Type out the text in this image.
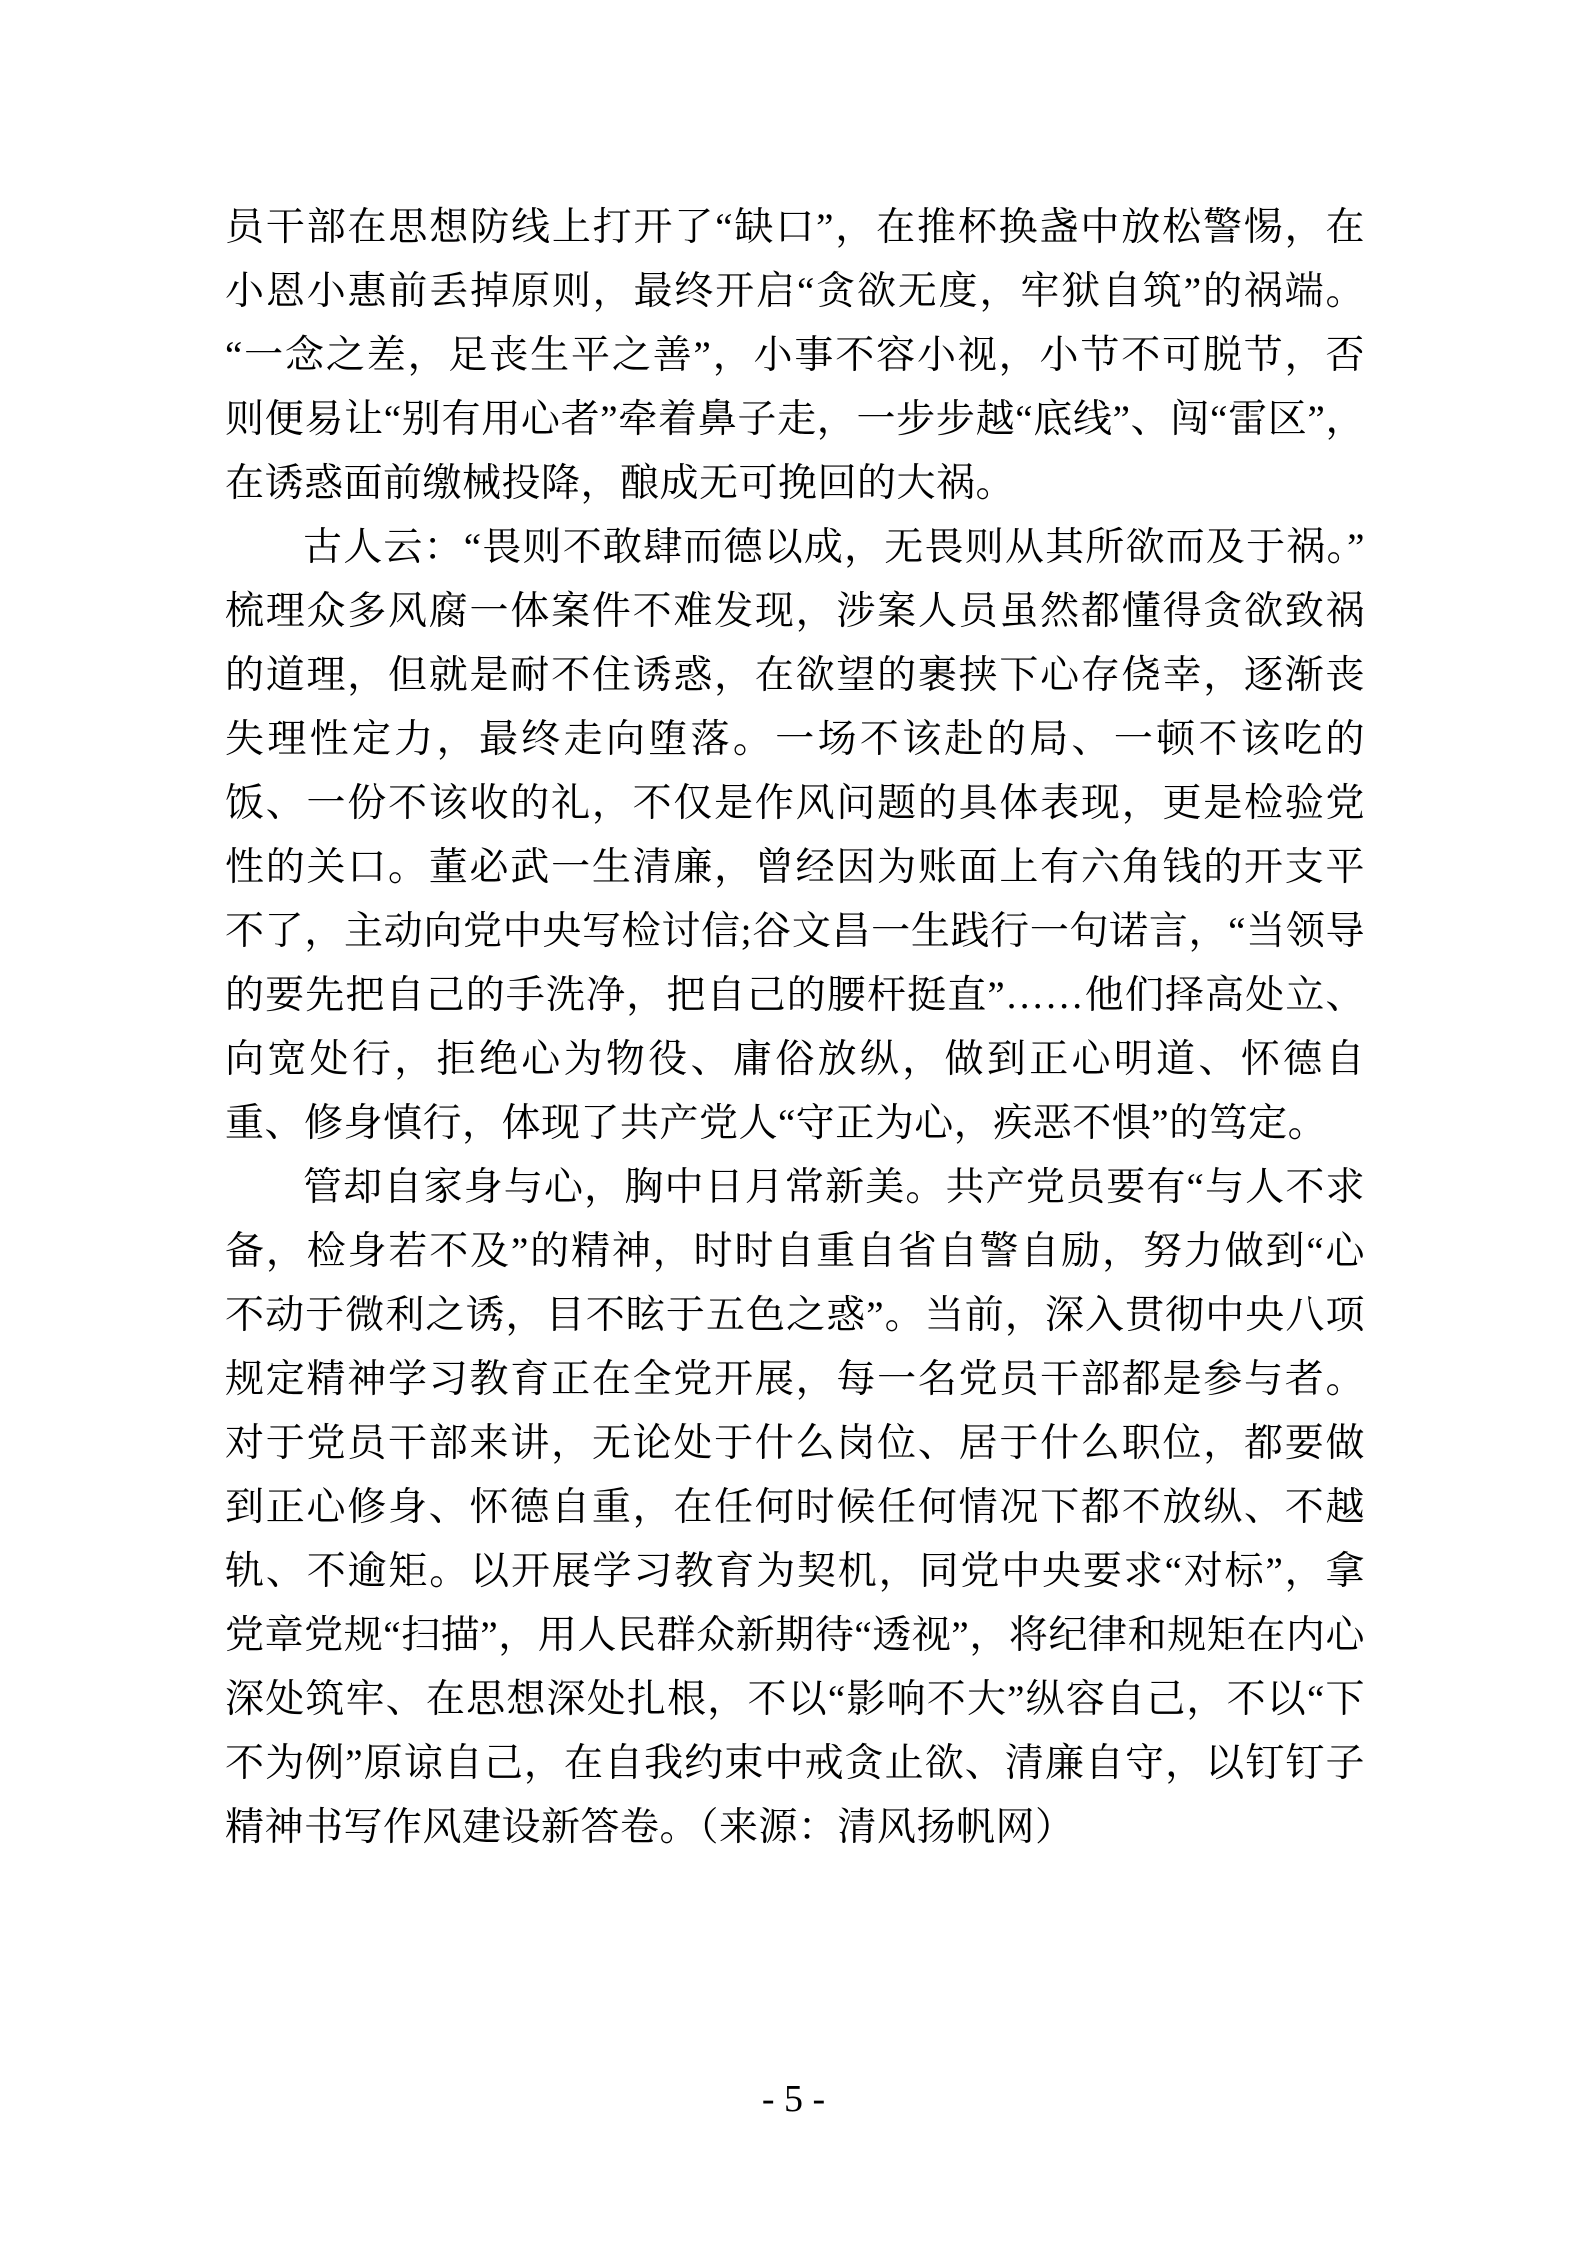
员干部在思想防线上打开了“缺口”，在推杯换盏中放松警惕，在小恩小惠前丢掉原则，最终开启“贪欲无度，牢狱自筑”的祸端。“一念之差，足丧生平之善”，小事不容小视，小节不可脱节，否则便易让“别有用心者”牵着鼻子走，一步步越“底线”、闯“雷区”，在诱惑面前缴械投降，酿成无可挽回的大祸。

古人云：“畏则不敢肆而德以成，无畏则从其所欲而及于祸。”梳理众多风腐一体案件不难发现，涉案人员虽然都懂得贪欲致祸的道理，但就是耐不住诱惑，在欲望的裹挟下心存侥幸，逐渐丧失理性定力，最终走向堕落。一场不该赴的局、一顿不该吃的饭、一份不该收的礼，不仅是作风问题的具体表现，更是检验党性的关口。董必武一生清廉，曾经因为账面上有六角钱的开支平不了，主动向党中央写检讨信;谷文昌一生践行一句诺言，“当领导的要先把自己的手洗净，把自己的腰杆挺直”……他们择高处立、向宽处行，拒绝心为物役、庸俗放纵，做到正心明道、怀德自重、修身慎行，体现了共产党人“守正为心，疾恶不惧”的笃定。

管却自家身与心，胸中日月常新美。共产党员要有“与人不求备，检身若不及”的精神，时时自重自省自警自励，努力做到“心不动于微利之诱，目不眩于五色之惑”。当前，深入贯彻中央八项规定精神学习教育正在全党开展，每一名党员干部都是参与者。对于党员干部来讲，无论处于什么岗位、居于什么职位，都要做到正心修身、怀德自重，在任何时候任何情况下都不放纵、不越轨、不逾矩。以开展学习教育为契机，同党中央要求“对标”，拿党章党规“扫描”，用人民群众新期待“透视”，将纪律和规矩在内心深处筑牢、在思想深处扎根，不以“影响不大”纵容自己，不以“下不为例”原谅自己，在自我约束中戒贪止欲、清廉自守，以钉钉子精神书写作风建设新答卷。（来源：清风扬帆网）

- 5 -
